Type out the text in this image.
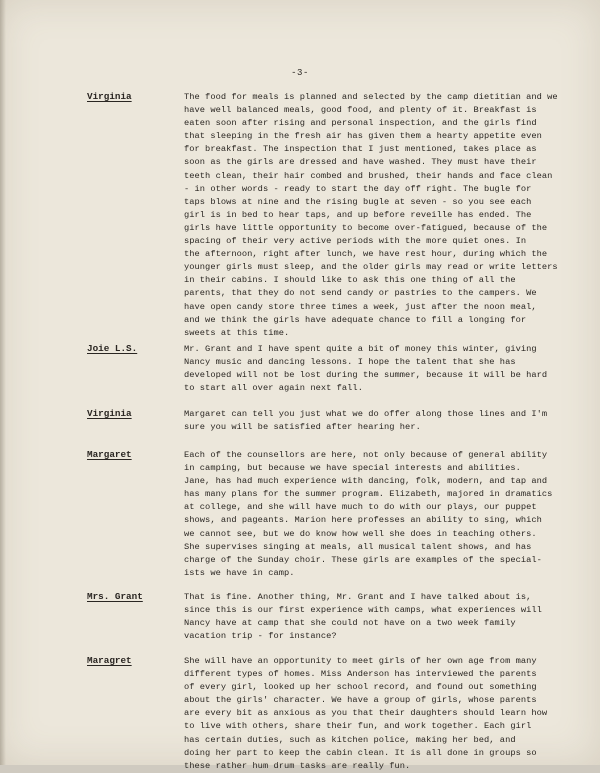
-3-
Virginia	The food for meals is planned and selected by the camp dietitian and we
have well balanced meals, good food, and plenty of it. Breakfast is
eaten soon after rising and personal inspection, and the girls find
that sleeping in the fresh air has given them a hearty appetite even
for breakfast. The inspection that I just mentioned, takes place as
soon as the girls are dressed and have washed. They must have their
teeth clean, their hair combed and brushed, their hands and face clean
- in other words - ready to start the day off right. The bugle for
taps blows at nine and the rising bugle at seven - so you see each
girl is in bed to hear taps, and up before reveille has ended. The
girls have little opportunity to become over-fatigued, because of the
spacing of their very active periods with the more quiet ones. In
the afternoon, right after lunch, we have rest hour, during which the
younger girls must sleep, and the older girls may read or write letters
in their cabins. I should like to ask this one thing of all the
parents, that they do not send candy or pastries to the campers. We
have open candy store three times a week, just after the noon meal,
and we think the girls have adequate chance to fill a longing for
sweets at this time.
Joie L.S.	Mr. Grant and I have spent quite a bit of money this winter, giving
Nancy music and dancing lessons. I hope the talent that she has
developed will not be lost during the summer, because it will be hard
to start all over again next fall.
Virginia	Margaret can tell you just what we do offer along those lines and I'm
sure you will be satisfied after hearing her.
Margaret	Each of the counsellors are here, not only because of general ability
in camping, but because we have special interests and abilities.
Jane, has had much experience with dancing, folk, modern, and tap and
has many plans for the summer program. Elizabeth, majored in dramatics
at college, and she will have much to do with our plays, our puppet
shows, and pageants. Marion here professes an ability to sing, which
we cannot see, but we do know how well she does in teaching others.
She supervises singing at meals, all musical talent shows, and has
charge of the Sunday choir. These girls are examples of the special-
ists we have in camp.
Mrs. Grant	That is fine. Another thing, Mr. Grant and I have talked about is,
since this is our first experience with camps, what experiences will
Nancy have at camp that she could not have on a two week family
vacation trip - for instance?
Maragret	She will have an opportunity to meet girls of her own age from many
different types of homes. Miss Anderson has interviewed the parents
of every girl, looked up her school record, and found out something
about the girls' character. We have a group of girls, whose parents
are every bit as anxious as you that their daughters should learn how
to live with others, share their fun, and work together. Each girl
has certain duties, such as kitchen police, making her bed, and
doing her part to keep the cabin clean. It is all done in groups so
these rather hum drum tasks are really fun.
